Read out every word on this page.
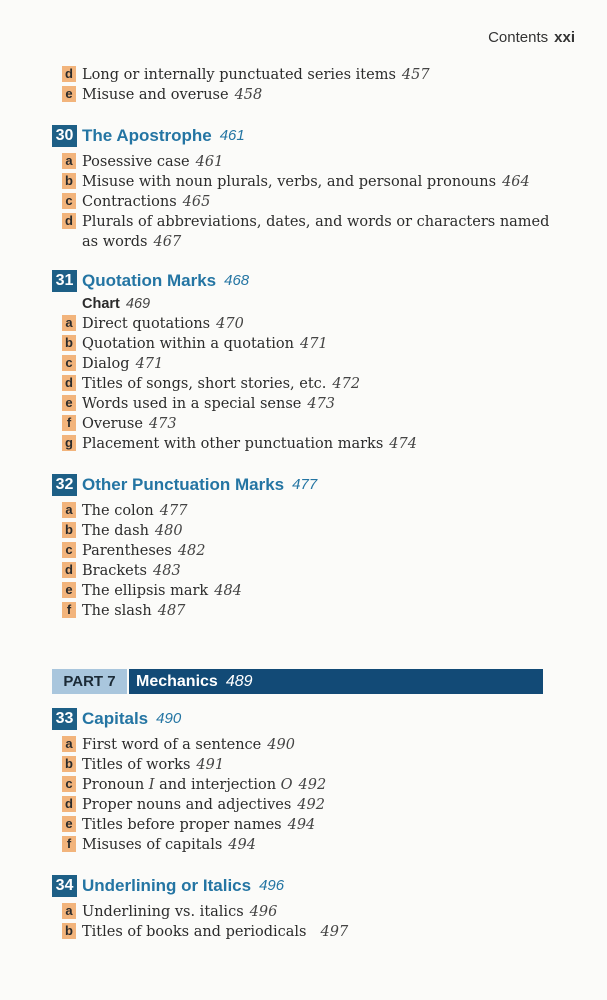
Contents xxi
d Long or internally punctuated series items 457
e Misuse and overuse 458
30 The Apostrophe 461
a Posessive case 461
b Misuse with noun plurals, verbs, and personal pronouns 464
c Contractions 465
d Plurals of abbreviations, dates, and words or characters named
as words 467
31 Quotation Marks 468
Chart 469
a Direct quotations 470
b Quotation within a quotation 471
c Dialog 471
d Titles of songs, short stories, etc. 472
e Words used in a special sense 473
f Overuse 473
g Placement with other punctuation marks 474
32 Other Punctuation Marks 477
a The colon 477
b The dash 480
c Parentheses 482
d Brackets 483
e The ellipsis mark 484
f The slash 487
PART 7	Mechanics 489
33 Capitals 490
a First word of a sentence 490
b Titles of works 491
c Pronoun I and interjection O 492
d Proper nouns and adjectives 492
e Titles before proper names 494
f Misuses of capitals 494
34 Underlining or Italics 496
a Underlining vs. italics 496
b Titles of books and periodicals 497
